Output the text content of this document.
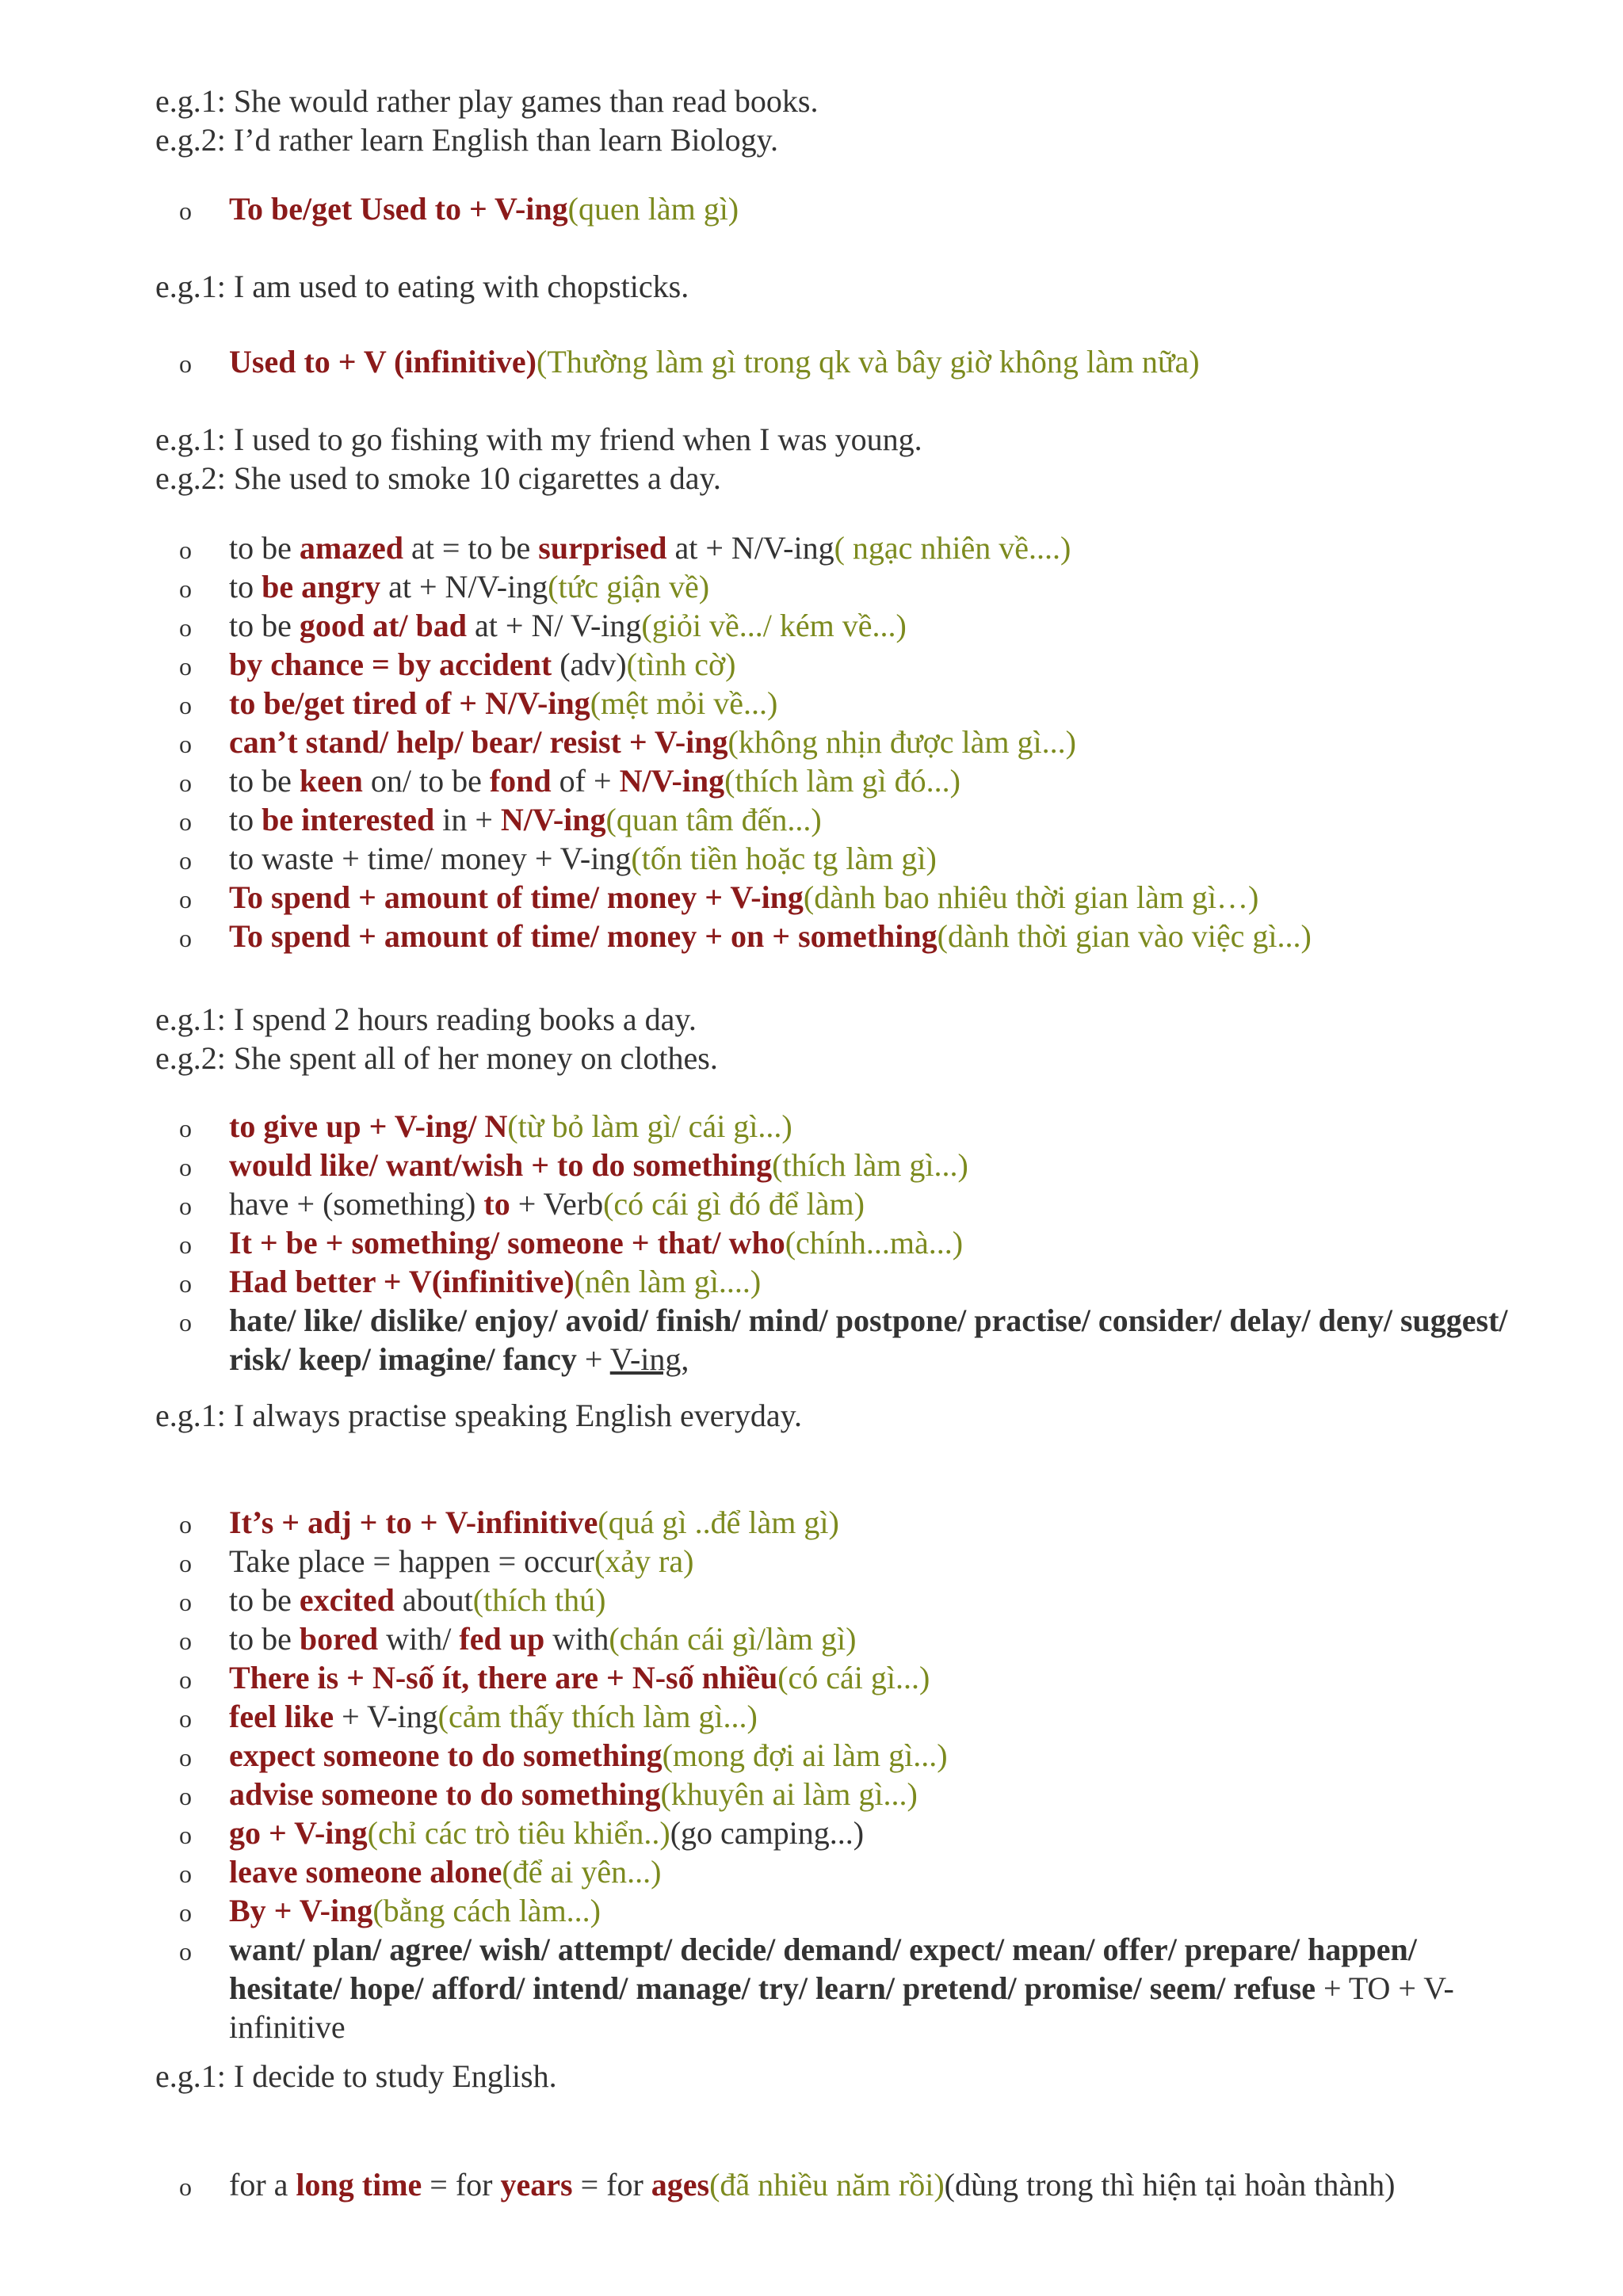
e.g.1: She would rather play games than read books.

e.g.2: I’d rather learn English than learn Biology.

o To be/get Used to + V-ing(quen làm gì)

e.g.1: I am used to eating with chopsticks.

o Used to + V (infinitive)(Thường làm gì trong qk và bây giờ không làm nữa)

e.g.1: I used to go fishing with my friend when I was young.

e.g.2: She used to smoke 10 cigarettes a day.

o to be amazed at = to be surprised at + N/V-ing( ngạc nhiên về....)

o to be angry at + N/V-ing(tức giận về)

o to be good at/ bad at + N/ V-ing(giỏi về.../ kém về...)

o by chance = by accident (adv)(tình cờ)

o to be/get tired of + N/V-ing(mệt mỏi về...)

o can’t stand/ help/ bear/ resist + V-ing(không nhịn được làm gì...)

o to be keen on/ to be fond of + N/V-ing(thích làm gì đó...)

o to be interested in + N/V-ing(quan tâm đến...)

o to waste + time/ money + V-ing(tốn tiền hoặc tg làm gì)

o To spend + amount of time/ money + V-ing(dành bao nhiêu thời gian làm gì…)

o To spend + amount of time/ money + on + something(dành thời gian vào việc gì...)

e.g.1: I spend 2 hours reading books a day.

e.g.2: She spent all of her money on clothes.

o to give up + V-ing/ N(từ bỏ làm gì/ cái gì...)

o would like/ want/wish + to do something(thích làm gì...)

o have + (something) to + Verb(có cái gì đó để làm)

o It + be + something/ someone + that/ who(chính...mà...)

o Had better + V(infinitive)(nên làm gì....)

o hate/ like/ dislike/ enjoy/ avoid/ finish/ mind/ postpone/ practise/ consider/ delay/ deny/ suggest/ risk/ keep/ imagine/ fancy + V-ing,

e.g.1: I always practise speaking English everyday.

o It’s + adj + to + V-infinitive(quá gì ..để làm gì)

o Take place = happen = occur(xảy ra)

o to be excited about(thích thú)

o to be bored with/ fed up with(chán cái gì/làm gì)

o There is + N-số ít, there are + N-số nhiều(có cái gì...)

o feel like + V-ing(cảm thấy thích làm gì...)

o expect someone to do something(mong đợi ai làm gì...)

o advise someone to do something(khuyên ai làm gì...)

o go + V-ing(chỉ các trò tiêu khiển..)(go camping...)

o leave someone alone(để ai yên...)

o By + V-ing(bằng cách làm...)

o want/ plan/ agree/ wish/ attempt/ decide/ demand/ expect/ mean/ offer/ prepare/ happen/ hesitate/ hope/ afford/ intend/ manage/ try/ learn/ pretend/ promise/ seem/ refuse + TO + V-infinitive

e.g.1: I decide to study English.

o for a long time = for years = for ages(đã nhiều năm rồi)(dùng trong thì hiện tại hoàn thành)
